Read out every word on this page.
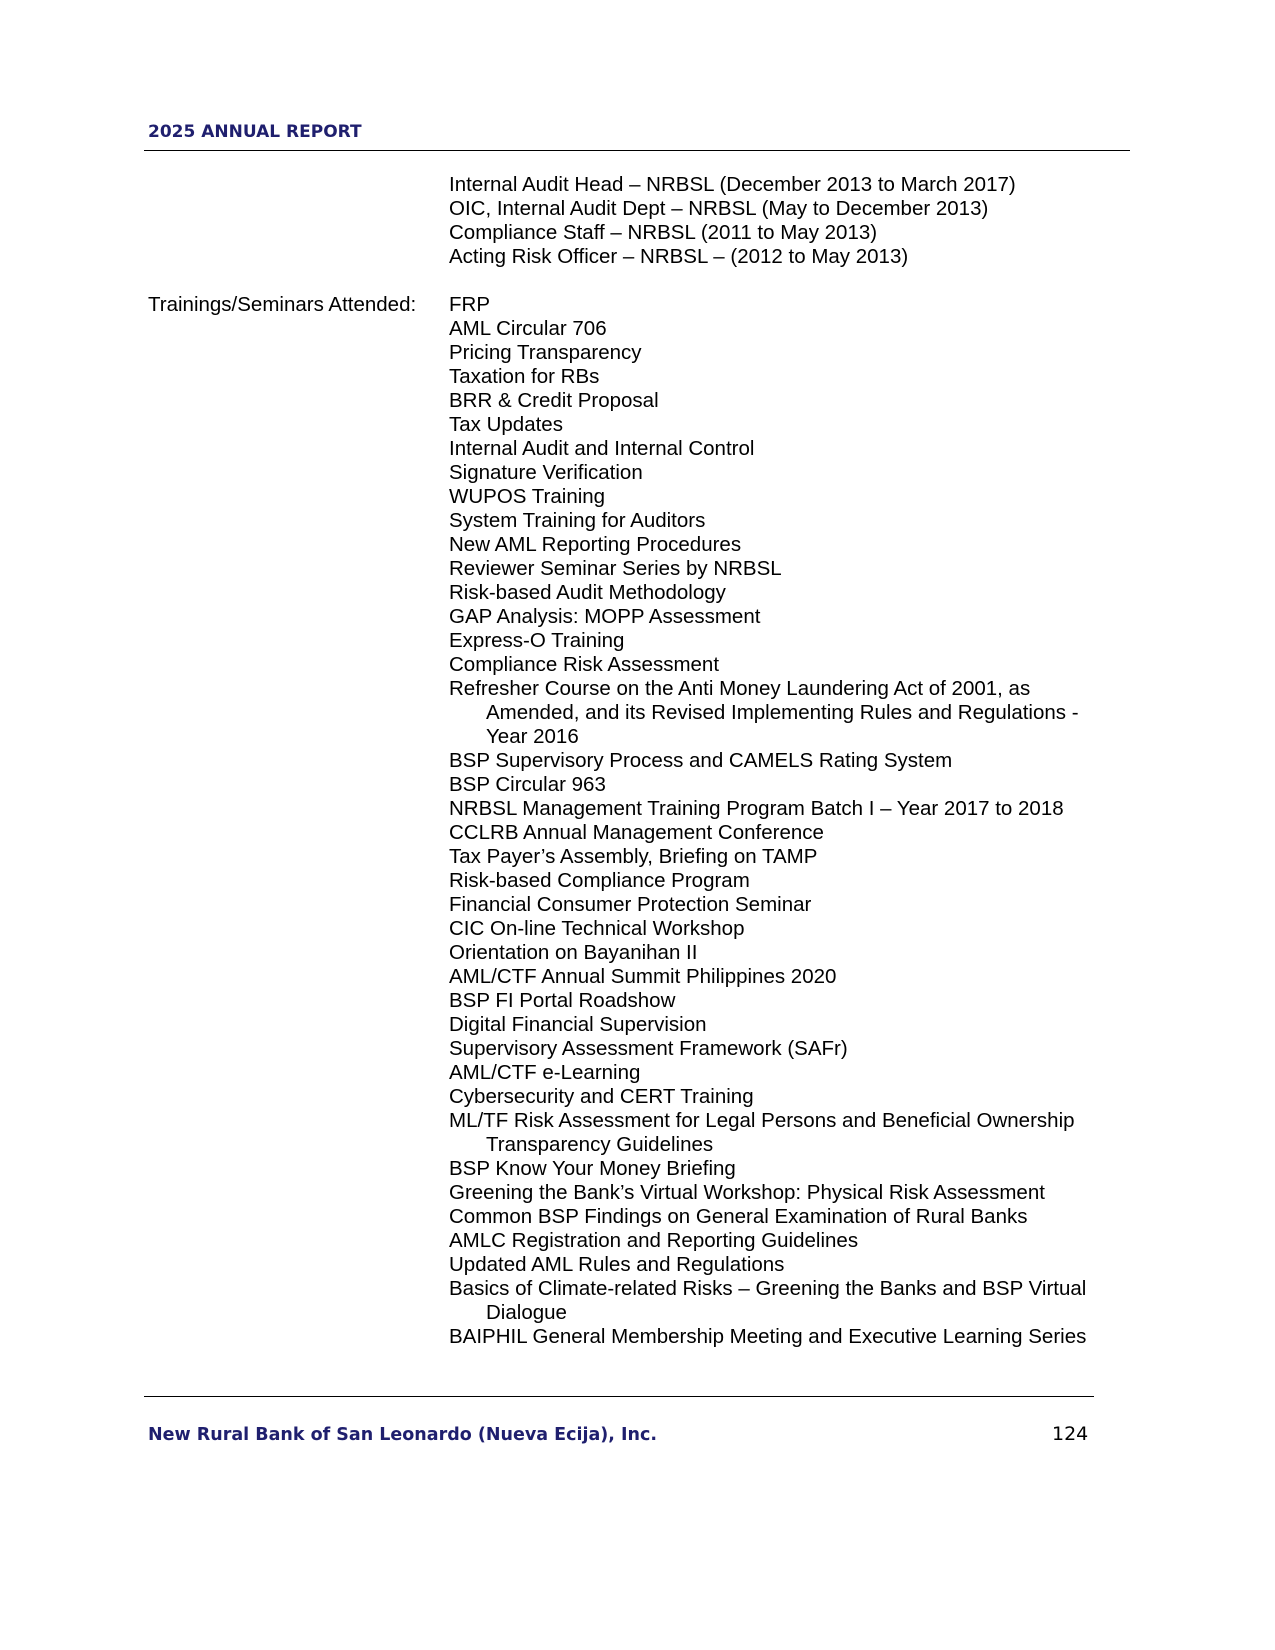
2025 ANNUAL REPORT
Internal Audit Head – NRBSL (December 2013 to March 2017)
OIC, Internal Audit Dept – NRBSL (May to December 2013)
Compliance Staff – NRBSL (2011 to May 2013)
Acting Risk Officer – NRBSL – (2012 to May 2013)
Trainings/Seminars Attended: FRP
AML Circular 706
Pricing Transparency
Taxation for RBs
BRR & Credit Proposal
Tax Updates
Internal Audit and Internal Control
Signature Verification
WUPOS Training
System Training for Auditors
New AML Reporting Procedures
Reviewer Seminar Series by NRBSL
Risk-based Audit Methodology
GAP Analysis: MOPP Assessment
Express-O Training
Compliance Risk Assessment
Refresher Course on the Anti Money Laundering Act of 2001, as Amended, and its Revised Implementing Rules and Regulations - Year 2016
BSP Supervisory Process and CAMELS Rating System
BSP Circular 963
NRBSL Management Training Program Batch I – Year 2017 to 2018
CCLRB Annual Management Conference
Tax Payer’s Assembly, Briefing on TAMP
Risk-based Compliance Program
Financial Consumer Protection Seminar
CIC On-line Technical Workshop
Orientation on Bayanihan II
AML/CTF Annual Summit Philippines 2020
BSP FI Portal Roadshow
Digital Financial Supervision
Supervisory Assessment Framework (SAFr)
AML/CTF e-Learning
Cybersecurity and CERT Training
ML/TF Risk Assessment for Legal Persons and Beneficial Ownership Transparency Guidelines
BSP Know Your Money Briefing
Greening the Bank’s Virtual Workshop: Physical Risk Assessment
Common BSP Findings on General Examination of Rural Banks
AMLC Registration and Reporting Guidelines
Updated AML Rules and Regulations
Basics of Climate-related Risks – Greening the Banks and BSP Virtual Dialogue
BAIPHIL General Membership Meeting and Executive Learning Series
New Rural Bank of San Leonardo (Nueva Ecija), Inc.	124
